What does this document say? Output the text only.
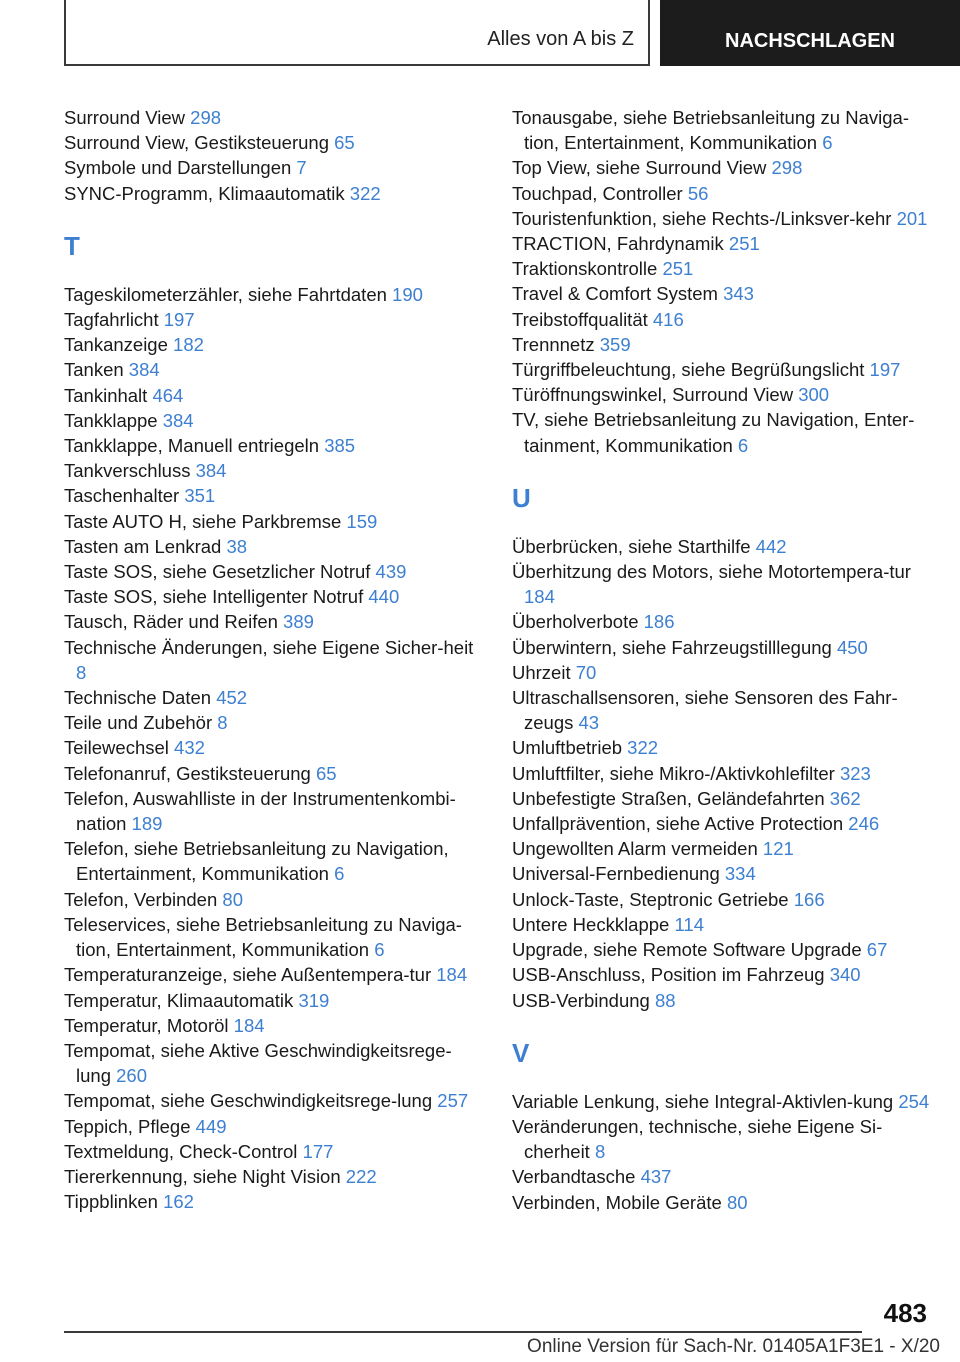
Alles von A bis Z	NACHSCHLAGEN
Surround View 298
Surround View, Gestiksteuerung 65
Symbole und Darstellungen 7
SYNC-Programm, Klimaautomatik 322
T
Tageskilometerzähler, siehe Fahrtdaten 190
Tagfahrlicht 197
Tankanzeige 182
Tanken 384
Tankinhalt 464
Tankklappe 384
Tankklappe, Manuell entriegeln 385
Tankverschluss 384
Taschenhalter 351
Taste AUTO H, siehe Parkbremse 159
Tasten am Lenkrad 38
Taste SOS, siehe Gesetzlicher Notruf 439
Taste SOS, siehe Intelligenter Notruf 440
Tausch, Räder und Reifen 389
Technische Änderungen, siehe Eigene Sicher‐heit 8
Technische Daten 452
Teile und Zubehör 8
Teilewechsel 432
Telefonanruf, Gestiksteuerung 65
Telefon, Auswahlliste in der Instrumentenkombi‐nation 189
Telefon, siehe Betriebsanleitung zu Navigation, Entertainment, Kommunikation 6
Telefon, Verbinden 80
Teleservices, siehe Betriebsanleitung zu Naviga‐tion, Entertainment, Kommunikation 6
Temperaturanzeige, siehe Außentempera‐tur 184
Temperatur, Klimaautomatik 319
Temperatur, Motoröl 184
Tempomat, siehe Aktive Geschwindigkeitsrege‐lung 260
Tempomat, siehe Geschwindigkeitsrege‐lung 257
Teppich, Pflege 449
Textmeldung, Check-Control 177
Tiererkennung, siehe Night Vision 222
Tippblinken 162
Tonausgabe, siehe Betriebsanleitung zu Naviga‐tion, Entertainment, Kommunikation 6
Top View, siehe Surround View 298
Touchpad, Controller 56
Touristenfunktion, siehe Rechts-/Linksver‐kehr 201
TRACTION, Fahrdynamik 251
Traktionskontrolle 251
Travel & Comfort System 343
Treibstoffqualität 416
Trennnetz 359
Türgriffbeleuchtung, siehe Begrüßungslicht 197
Türöffnungswinkel, Surround View 300
TV, siehe Betriebsanleitung zu Navigation, Enter‐tainment, Kommunikation 6
U
Überbrücken, siehe Starthilfe 442
Überhitzung des Motors, siehe Motortempera‐tur 184
Überholverbote 186
Überwintern, siehe Fahrzeugstilllegung 450
Uhrzeit 70
Ultraschallsensoren, siehe Sensoren des Fahr‐zeugs 43
Umluftbetrieb 322
Umluftfilter, siehe Mikro-/Aktivkohlefilter 323
Unbefestigte Straßen, Geländefahrten 362
Unfallprävention, siehe Active Protection 246
Ungewollten Alarm vermeiden 121
Universal-Fernbedienung 334
Unlock-Taste, Steptronic Getriebe 166
Untere Heckklappe 114
Upgrade, siehe Remote Software Upgrade 67
USB-Anschluss, Position im Fahrzeug 340
USB-Verbindung 88
V
Variable Lenkung, siehe Integral-Aktivlen‐kung 254
Veränderungen, technische, siehe Eigene Si‐cherheit 8
Verbandtasche 437
Verbinden, Mobile Geräte 80
483
Online Version für Sach-Nr. 01405A1F3E1 - X/20
